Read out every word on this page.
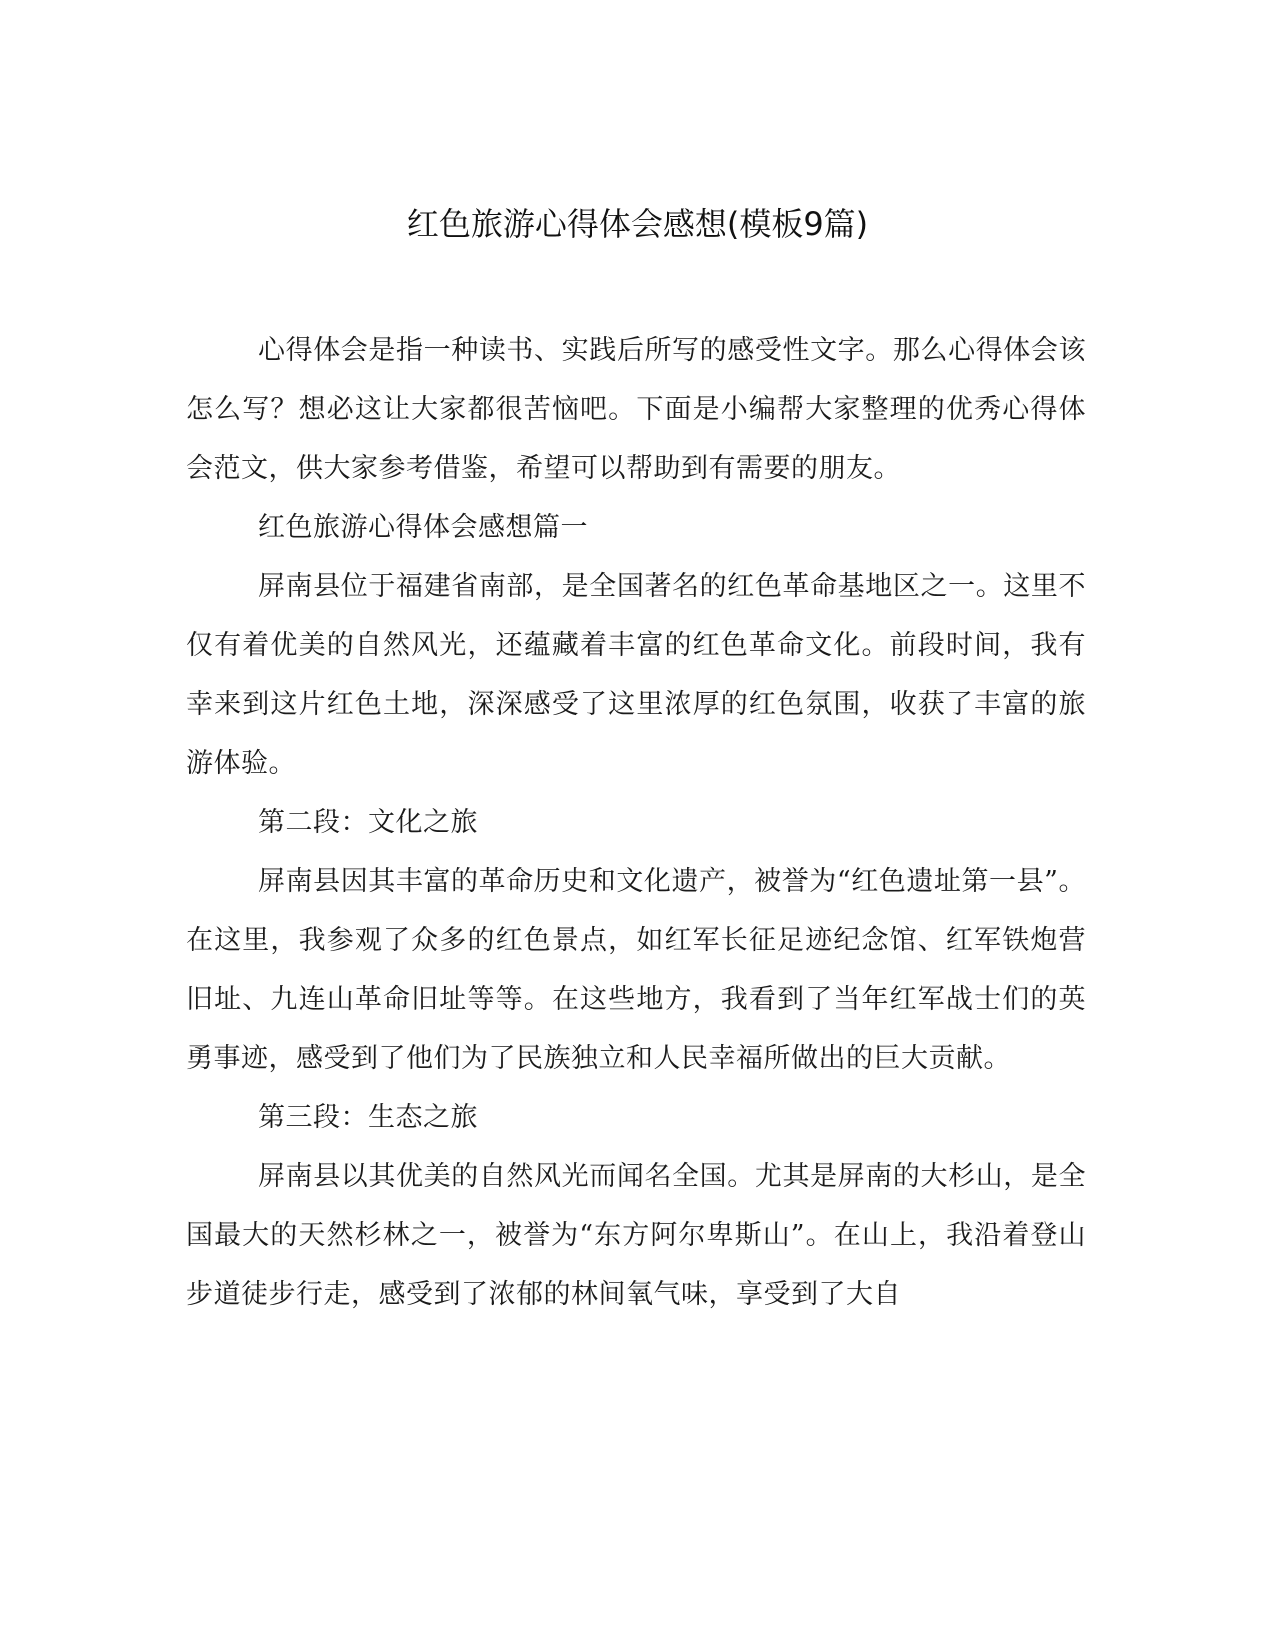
红色旅游心得体会感想(模板9篇)

心得体会是指一种读书、实践后所写的感受性文字。那么心得体会该怎么写？想必这让大家都很苦恼吧。下面是小编帮大家整理的优秀心得体会范文，供大家参考借鉴，希望可以帮助到有需要的朋友。

红色旅游心得体会感想篇一

屏南县位于福建省南部，是全国著名的红色革命基地区之一。这里不仅有着优美的自然风光，还蕴藏着丰富的红色革命文化。前段时间，我有幸来到这片红色土地，深深感受了这里浓厚的红色氛围，收获了丰富的旅游体验。

第二段：文化之旅

屏南县因其丰富的革命历史和文化遗产，被誉为“红色遗址第一县”。在这里，我参观了众多的红色景点，如红军长征足迹纪念馆、红军铁炮营旧址、九连山革命旧址等等。在这些地方，我看到了当年红军战士们的英勇事迹，感受到了他们为了民族独立和人民幸福所做出的巨大贡献。

第三段：生态之旅

屏南县以其优美的自然风光而闻名全国。尤其是屏南的大杉山，是全国最大的天然杉林之一，被誉为“东方阿尔卑斯山”。在山上，我沿着登山步道徒步行走，感受到了浓郁的林间氧气味，享受到了大自
